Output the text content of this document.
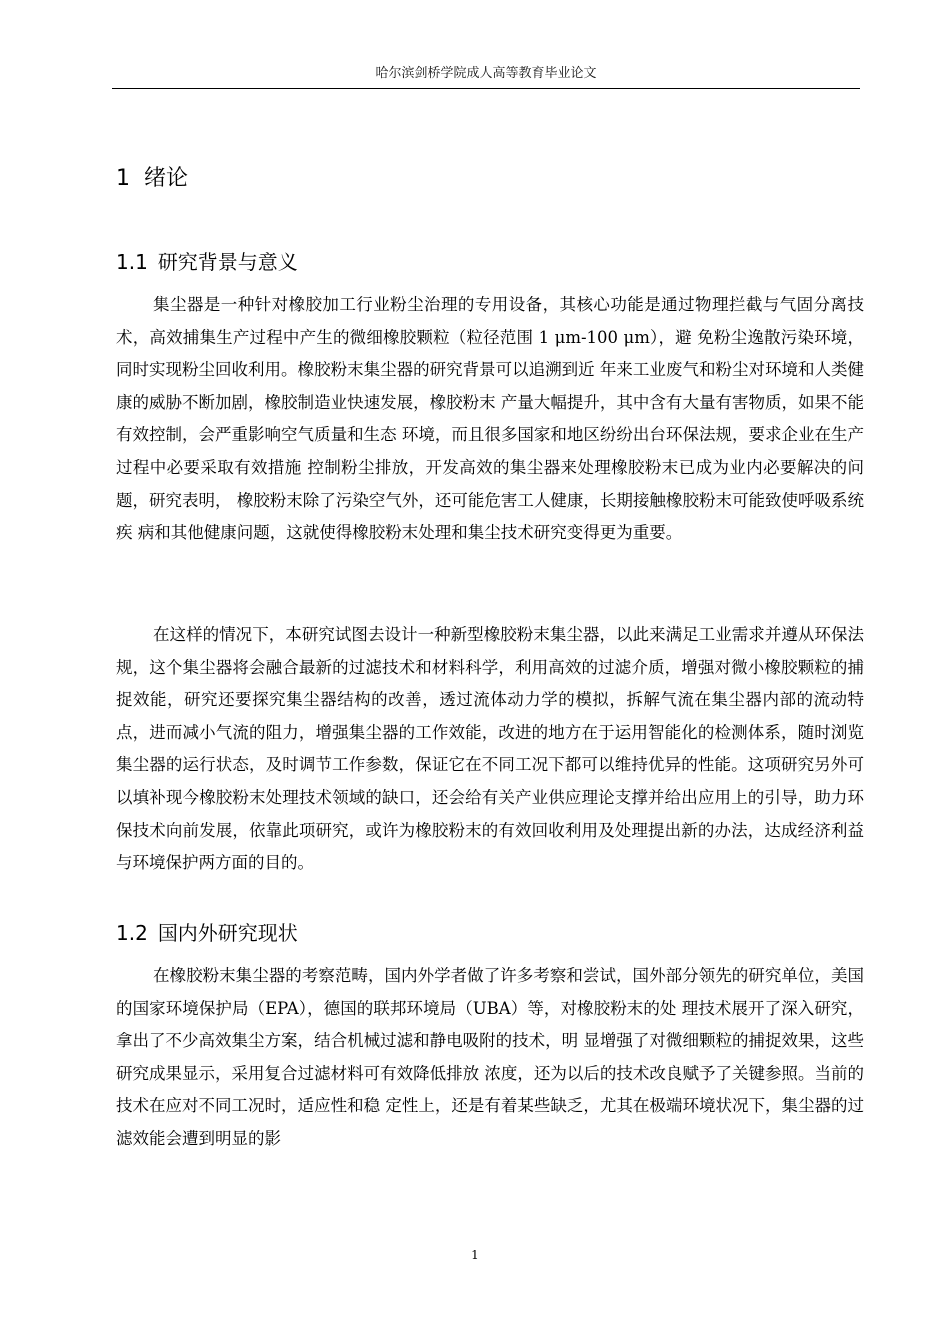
哈尔滨剑桥学院成人高等教育毕业论文
1 绪论
1.1 研究背景与意义

集尘器是一种针对橡胶加工行业粉尘治理的专用设备，其核心功能是通过物理拦截与气固分离技术，高效捕集生产过程中产生的微细橡胶颗粒（粒径范围 1 μm-100 μm），避 免粉尘逸散污染环境，同时实现粉尘回收利用。橡胶粉末集尘器的研究背景可以追溯到近 年来工业废气和粉尘对环境和人类健康的威胁不断加剧，橡胶制造业快速发展，橡胶粉末 产量大幅提升，其中含有大量有害物质，如果不能有效控制，会严重影响空气质量和生态 环境，而且很多国家和地区纷纷出台环保法规，要求企业在生产过程中必要采取有效措施 控制粉尘排放，开发高效的集尘器来处理橡胶粉末已成为业内必要解决的问题，研究表明， 橡胶粉末除了污染空气外，还可能危害工人健康，长期接触橡胶粉末可能致使呼吸系统疾 病和其他健康问题，这就使得橡胶粉末处理和集尘技术研究变得更为重要。

在这样的情况下，本研究试图去设计一种新型橡胶粉末集尘器，以此来满足工业需求并遵从环保法规，这个集尘器将会融合最新的过滤技术和材料科学，利用高效的过滤介质，增强对微小橡胶颗粒的捕捉效能，研究还要探究集尘器结构的改善，透过流体动力学的模拟，拆解气流在集尘器内部的流动特点，进而减小气流的阻力，增强集尘器的工作效能，改进的地方在于运用智能化的检测体系，随时浏览集尘器的运行状态，及时调节工作参数，保证它在不同工况下都可以维持优异的性能。这项研究另外可以填补现今橡胶粉末处理技术领域的缺口，还会给有关产业供应理论支撑并给出应用上的引导，助力环保技术向前发展，依靠此项研究，或许为橡胶粉末的有效回收利用及处理提出新的办法，达成经济利益与环境保护两方面的目的。

1.2 国内外研究现状

在橡胶粉末集尘器的考察范畴，国内外学者做了许多考察和尝试，国外部分领先的研究单位，美国的国家环境保护局（EPA），德国的联邦环境局（UBA）等，对橡胶粉末的处 理技术展开了深入研究，拿出了不少高效集尘方案，结合机械过滤和静电吸附的技术，明 显增强了对微细颗粒的捕捉效果，这些研究成果显示，采用复合过滤材料可有效降低排放 浓度，还为以后的技术改良赋予了关键参照。当前的技术在应对不同工况时，适应性和稳 定性上，还是有着某些缺乏，尤其在极端环境状况下，集尘器的过滤效能会遭到明显的影

1
